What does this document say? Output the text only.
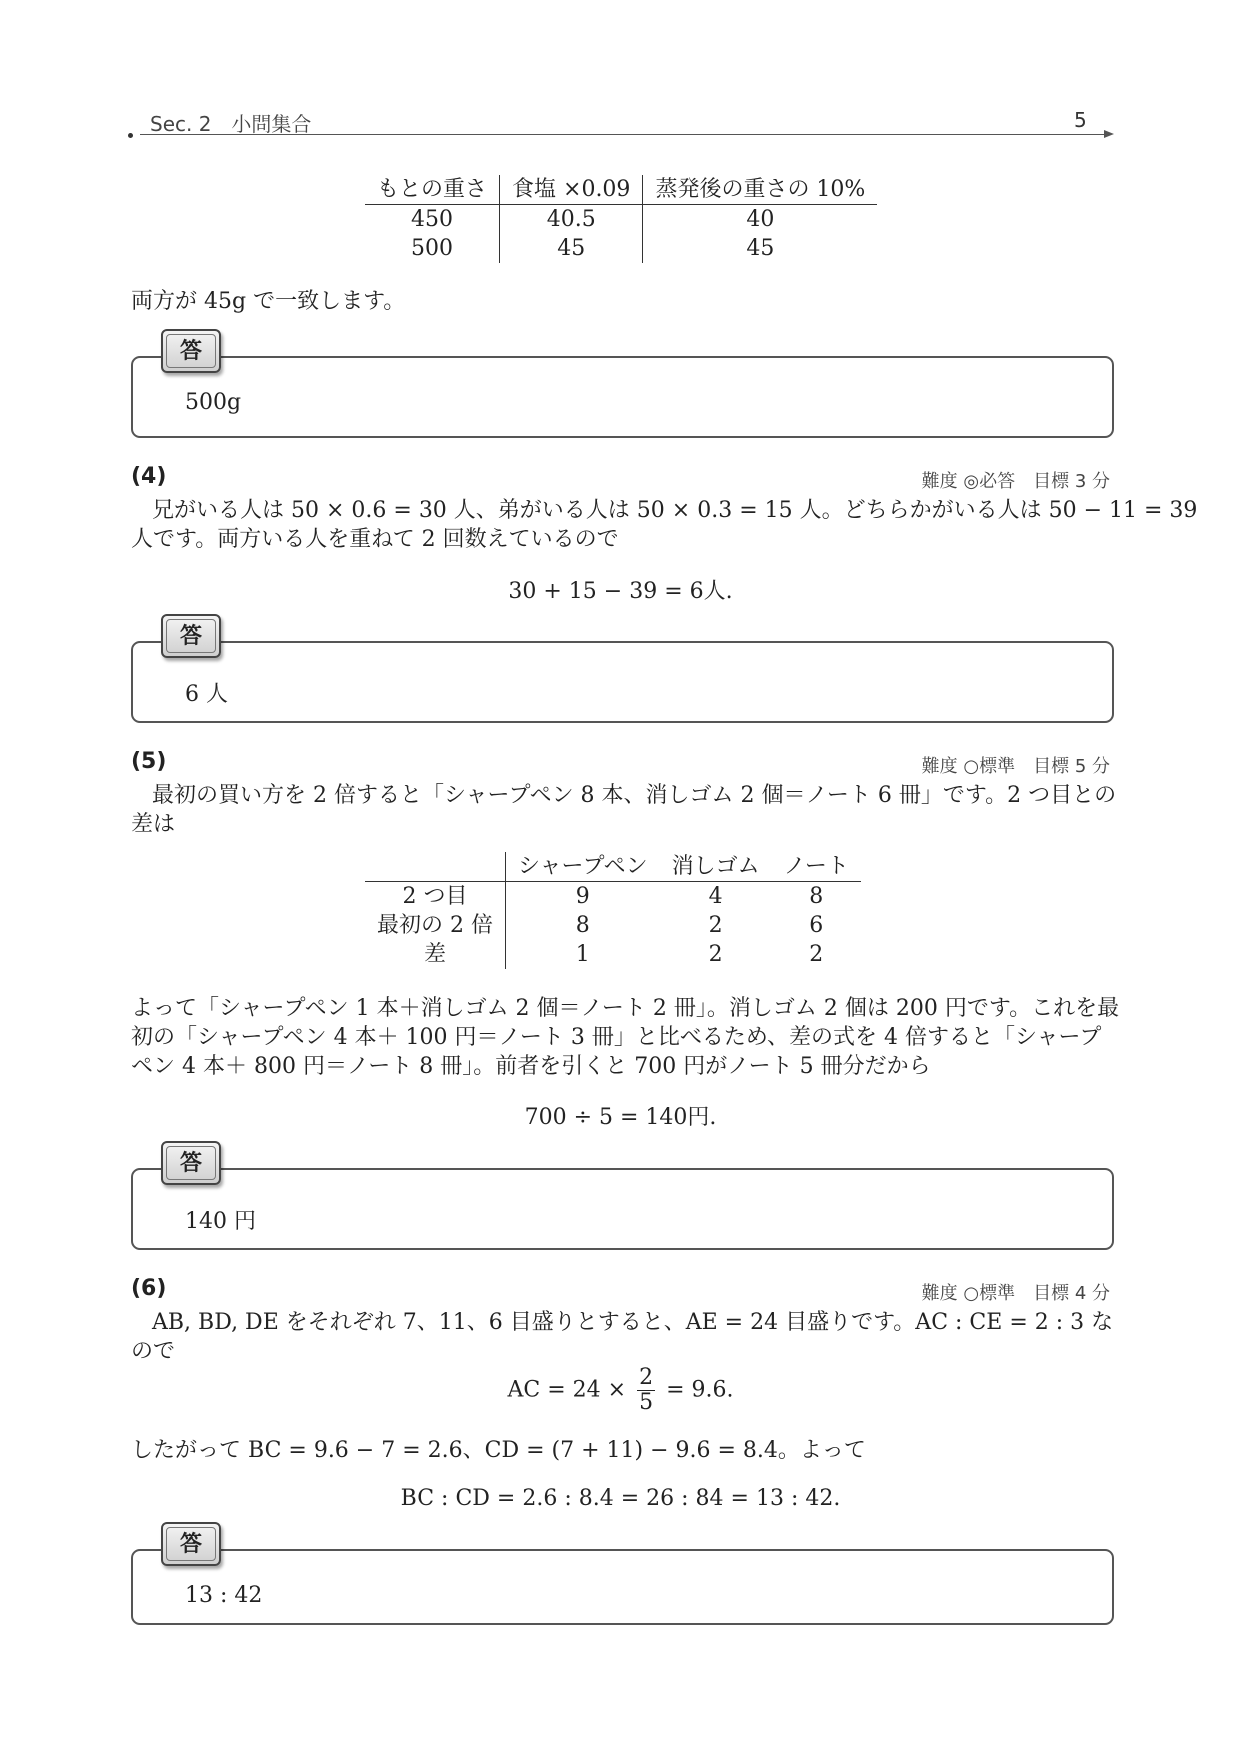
Sec. 2　小問集合	5
もとの重さ	食塩 ×0.09	蒸発後の重さの 10%
450	40.5	40
500	45	45
両方が 45g で一致します。
答
500g
(4)	難度 ◎必答　目標 3 分
兄がいる人は 50 × 0.6 = 30 人、弟がいる人は 50 × 0.3 = 15 人。どちらかがいる人は 50 − 11 = 39
人です。両方いる人を重ねて 2 回数えているので
30 + 15 − 39 = 6人.
答
6 人
(5)	難度 ○標準　目標 5 分
最初の買い方を 2 倍すると「シャープペン 8 本、消しゴム 2 個＝ノート 6 冊」です。2 つ目との
差は
	シャープペン	消しゴム	ノート
2 つ目	9	4	8
最初の 2 倍	8	2	6
差	1	2	2
よって「シャープペン 1 本＋消しゴム 2 個＝ノート 2 冊」。消しゴム 2 個は 200 円です。これを最
初の「シャープペン 4 本＋ 100 円＝ノート 3 冊」と比べるため、差の式を 4 倍すると「シャープ
ペン 4 本＋ 800 円＝ノート 8 冊」。前者を引くと 700 円がノート 5 冊分だから
700 ÷ 5 = 140円.
答
140 円
(6)	難度 ○標準　目標 4 分
AB, BD, DE をそれぞれ 7、11、6 目盛りとすると、AE = 24 目盛りです。AC : CE = 2 : 3 な
ので
AC = $24 \times \frac{2}{5} = 9.6$.
したがって BC = 9.6 − 7 = 2.6、CD = (7 + 11) − 9.6 = 8.4。よって
BC : CD = 2.6 : 8.4 = 26 : 84 = 13 : 42.
答
13 : 42
